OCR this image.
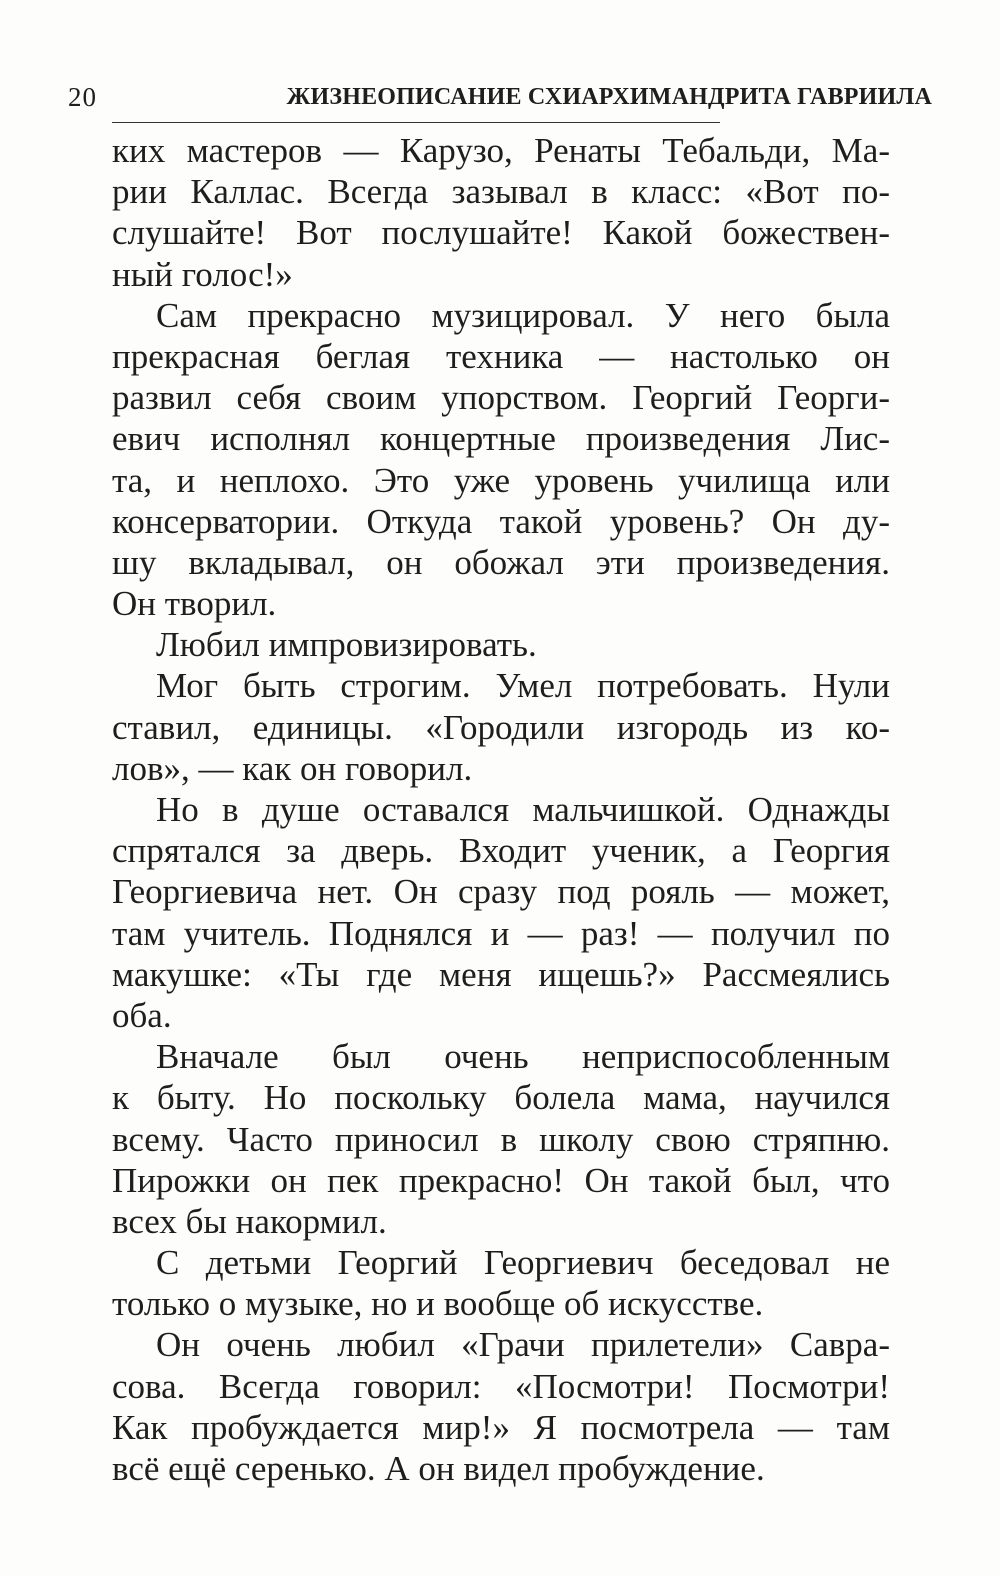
20	ЖИЗНЕОПИСАНИЕ СХИАРХИМАНДРИТА ГАВРИИЛА
ких мастеров — Карузо, Ренаты Тебальди, Ма-
рии Каллас. Всегда зазывал в класс: «Вот по-
слушайте! Вот послушайте! Какой божествен-
ный голос!»
Сам прекрасно музицировал. У него была
прекрасная беглая техника — настолько он
развил себя своим упорством. Георгий Георги-
евич исполнял концертные произведения Лис-
та, и неплохо. Это уже уровень училища или
консерватории. Откуда такой уровень? Он ду-
шу вкладывал, он обожал эти произведения.
Он творил.
Любил импровизировать.
Мог быть строгим. Умел потребовать. Нули
ставил, единицы. «Городили изгородь из ко-
лов», — как он говорил.
Но в душе оставался мальчишкой. Однажды
спрятался за дверь. Входит ученик, а Георгия
Георгиевича нет. Он сразу под рояль — может,
там учитель. Поднялся и — раз! — получил по
макушке: «Ты где меня ищешь?» Рассмеялись
оба.
Вначале был очень неприспособленным
к быту. Но поскольку болела мама, научился
всему. Часто приносил в школу свою стряпню.
Пирожки он пек прекрасно! Он такой был, что
всех бы накормил.
С детьми Георгий Георгиевич беседовал не
только о музыке, но и вообще об искусстве.
Он очень любил «Грачи прилетели» Савра-
сова. Всегда говорил: «Посмотри! Посмотри!
Как пробуждается мир!» Я посмотрела — там
всё ещё серенько. А он видел пробуждение.
